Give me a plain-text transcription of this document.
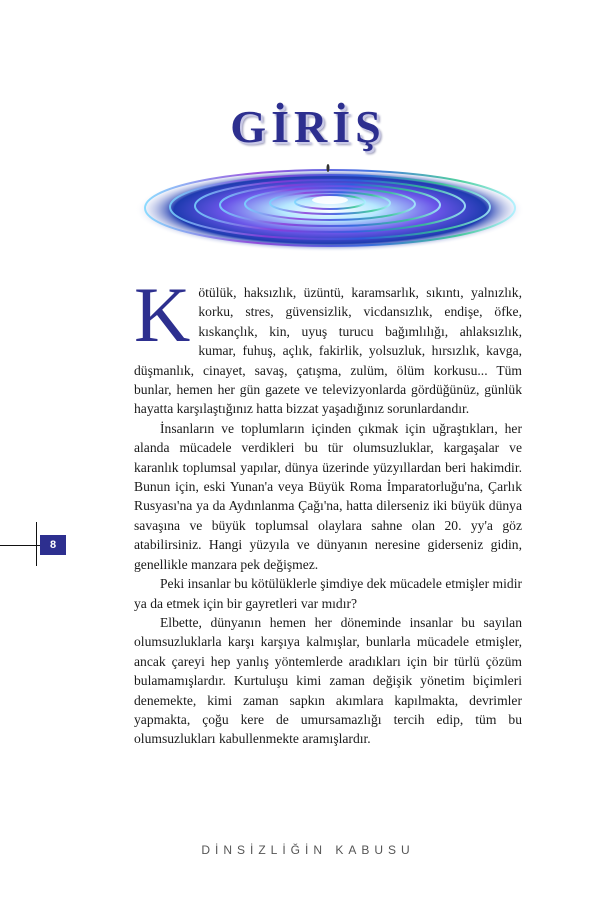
GİRİŞ

Kötülük, haksızlık, üzüntü, karamsarlık, sıkıntı, yalnızlık, korku, stres, güvensizlik, vicdansızlık, endişe, öfke, kıskançlık, kin, uyuş turucu bağımlılığı, ahlaksızlık, kumar, fuhuş, açlık, fakirlik, yolsuzluk, hırsızlık, kavga, düşmanlık, cinayet, savaş, çatışma, zulüm, ölüm korkusu... Tüm bunlar, hemen her gün gazete ve televizyonlarda gördüğünüz, günlük hayatta karşılaştığınız hatta bizzat yaşadığınız sorunlardandır.

İnsanların ve toplumların içinden çıkmak için uğraştıkları, her alanda mücadele verdikleri bu tür olumsuzluklar, kargaşalar ve karanlık toplumsal yapılar, dünya üzerinde yüzyıllardan beri hakimdir. Bunun için, eski Yunan'a veya Büyük Roma İmparatorluğu'na, Çarlık Rusyası'na ya da Aydınlanma Çağı'na, hatta dilerseniz iki büyük dünya savaşına ve büyük toplumsal olaylara sahne olan 20. yy'a göz atabilirsiniz. Hangi yüzyıla ve dünyanın neresine giderseniz gidin, genellikle manzara pek değişmez.

Peki insanlar bu kötülüklerle şimdiye dek mücadele etmişler midir ya da etmek için bir gayretleri var mıdır?

Elbette, dünyanın hemen her döneminde insanlar bu sayılan olumsuzluklarla karşı karşıya kalmışlar, bunlarla mücadele etmişler, ancak çareyi hep yanlış yöntemlerde aradıkları için bir türlü çözüm bulamamışlardır. Kurtuluşu kimi zaman değişik yönetim biçimleri denemekte, kimi zaman sapkın akımlara kapılmakta, devrimler yapmakta, çoğu kere de umursamazlığı tercih edip, tüm bu olumsuzlukları kabullenmekte aramışlardır.

8
DİNSİZLİĞİN KABUSU
